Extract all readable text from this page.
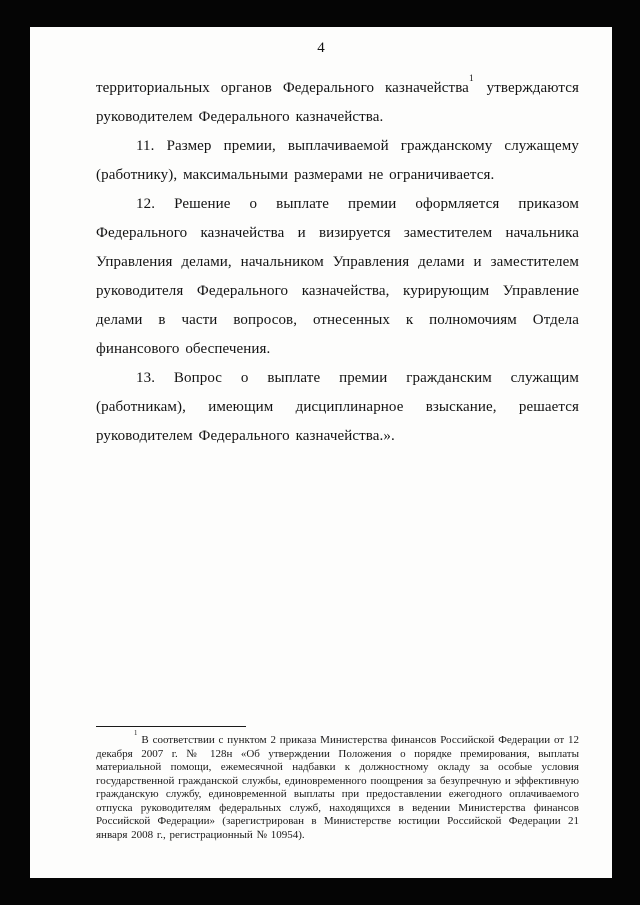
4

территориальных органов Федерального казначейства$^1$ утверждаются руководителем Федерального казначейства.

11. Размер премии, выплачиваемой гражданскому служащему (работнику), максимальными размерами не ограничивается.

12. Решение о выплате премии оформляется приказом Федерального казначейства и визируется заместителем начальника Управления делами, начальником Управления делами и заместителем руководителя Федерального казначейства, курирующим Управление делами в части вопросов, отнесенных к полномочиям Отдела финансового обеспечения.

13. Вопрос о выплате премии гражданским служащим (работникам), имеющим дисциплинарное взыскание, решается руководителем Федерального казначейства.».

$^1$В соответствии с пунктом 2 приказа Министерства финансов Российской Федерации от 12 декабря 2007 г. № 128н «Об утверждении Положения о порядке премирования, выплаты материальной помощи, ежемесячной надбавки к должностному окладу за особые условия государственной гражданской службы, единовременного поощрения за безупречную и эффективную гражданскую службу, единовременной выплаты при предоставлении ежегодного оплачиваемого отпуска руководителям федеральных служб, находящихся в ведении Министерства финансов Российской Федерации» (зарегистрирован в Министерстве юстиции Российской Федерации 21 января 2008 г., регистрационный № 10954).
